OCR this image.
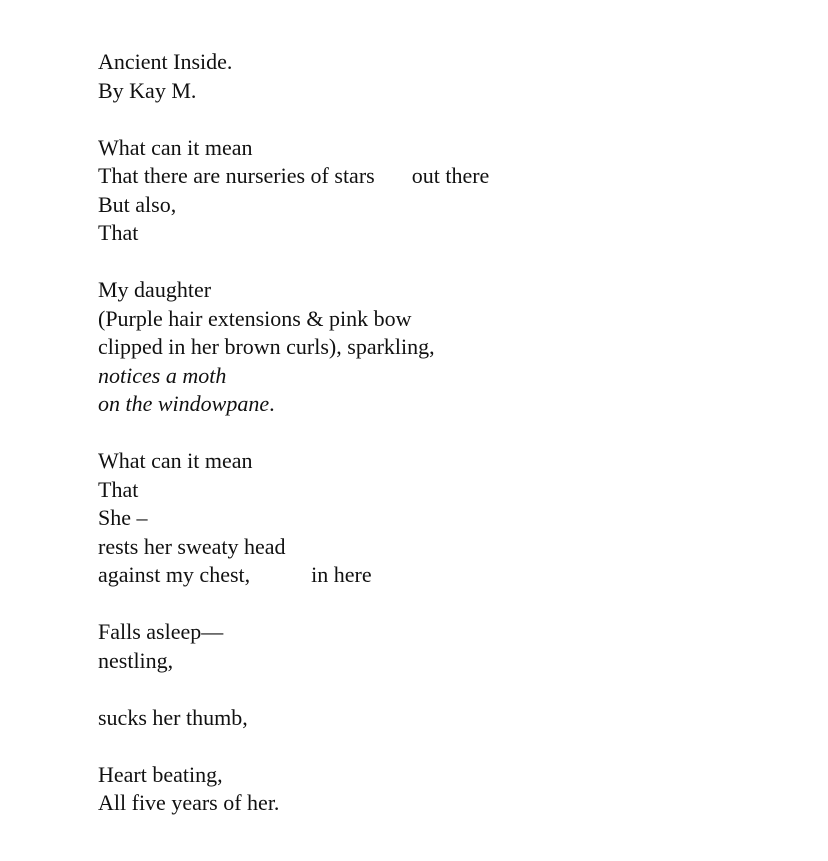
Ancient Inside.
By Kay M.
What can it mean
That there are nurseries of stars out there
But also,
That
My daughter
(Purple hair extensions & pink bow
clipped in her brown curls), sparkling,
notices a moth
on the windowpane.
What can it mean
That
She –
rests her sweaty head
against my chest,	in here
Falls asleep—
nestling,
sucks her thumb,
Heart beating,
All five years of her.
